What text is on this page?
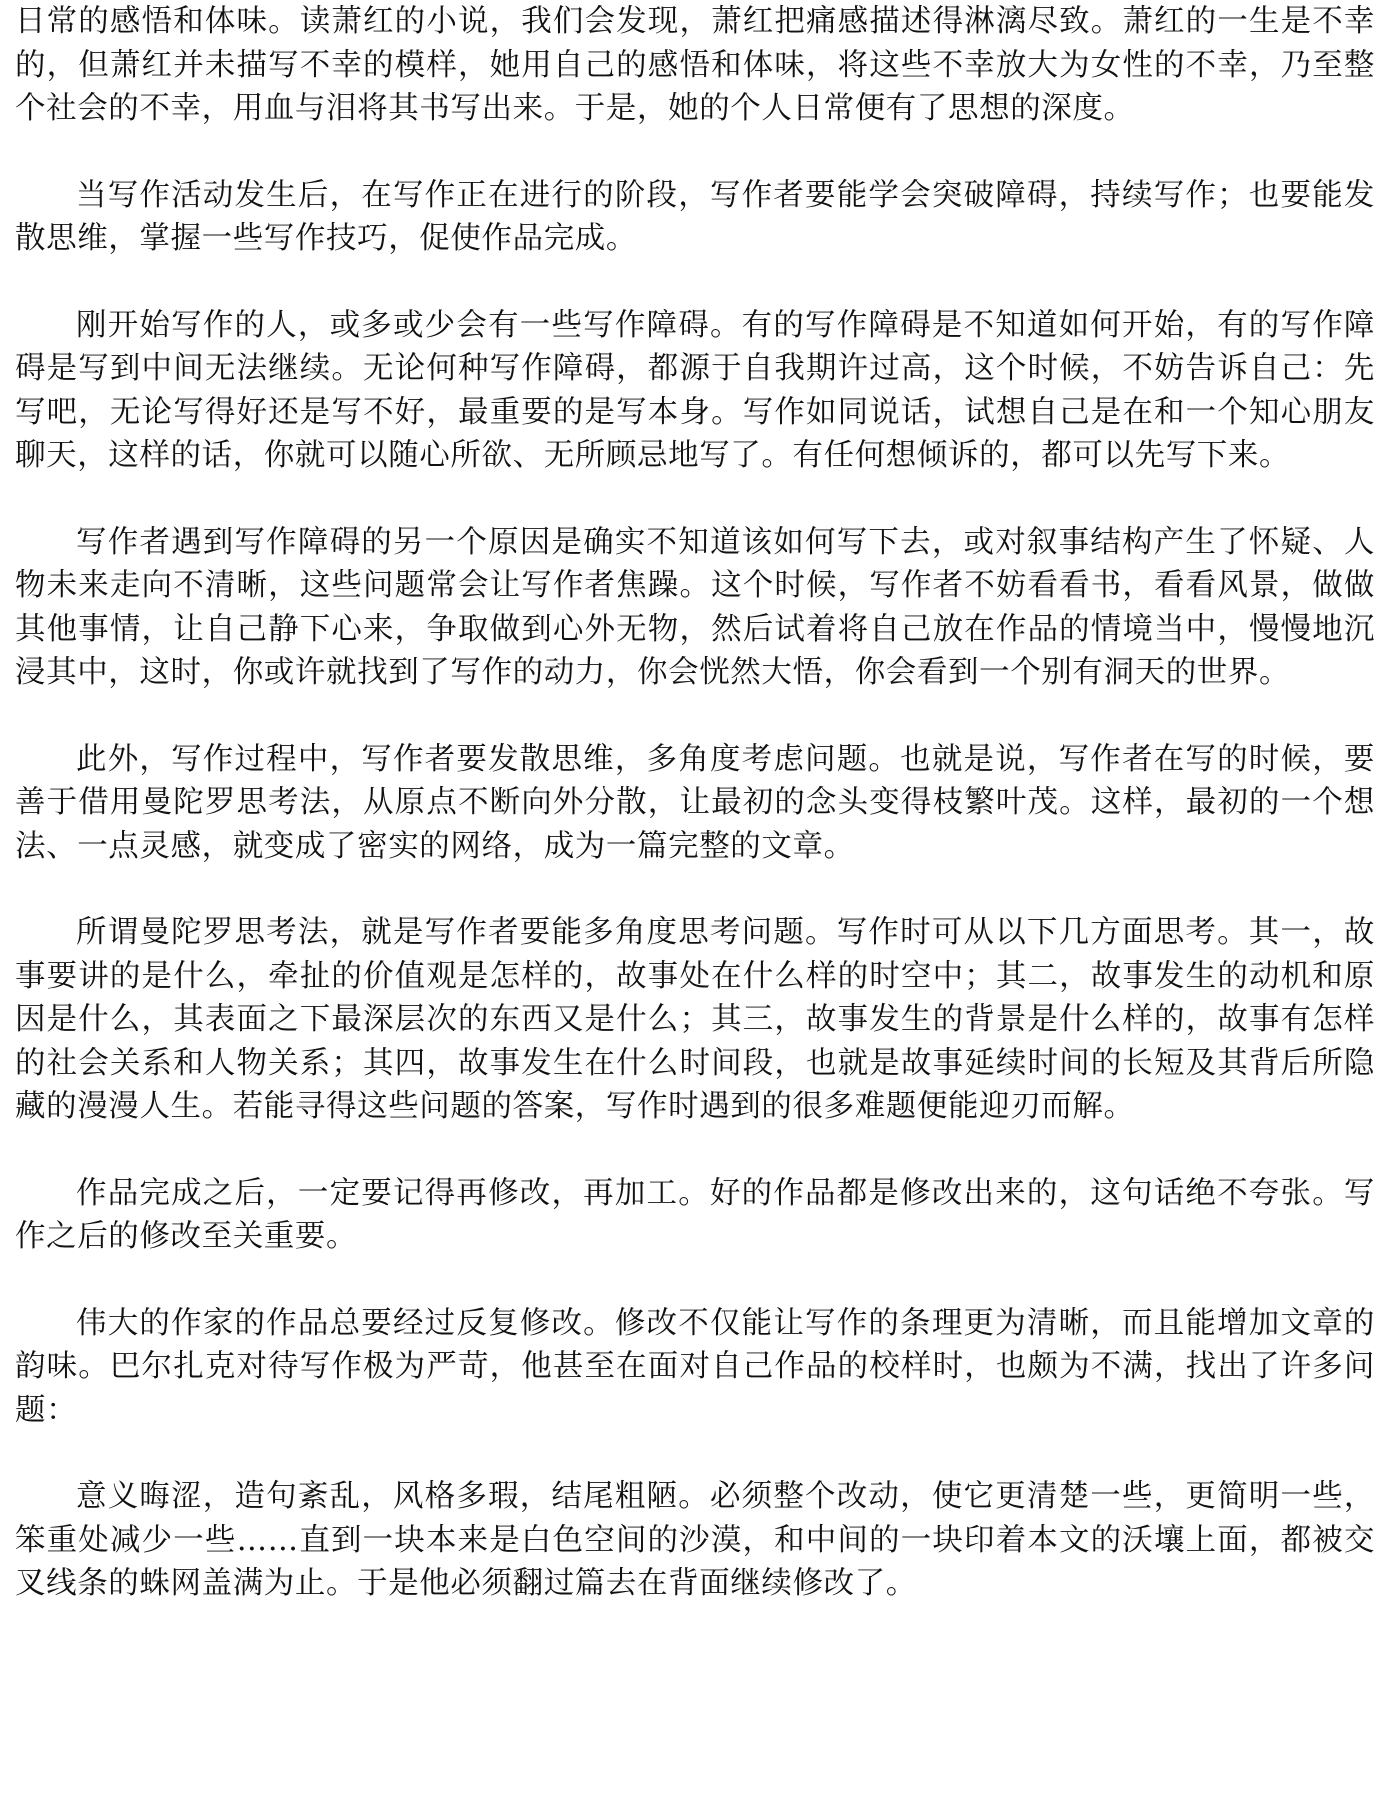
日常的感悟和体味。读萧红的小说，我们会发现，萧红把痛感描述得淋漓尽致。萧红的一生是不幸的，但萧红并未描写不幸的模样，她用自己的感悟和体味，将这些不幸放大为女性的不幸，乃至整个社会的不幸，用血与泪将其书写出来。于是，她的个人日常便有了思想的深度。

当写作活动发生后，在写作正在进行的阶段，写作者要能学会突破障碍，持续写作；也要能发散思维，掌握一些写作技巧，促使作品完成。

刚开始写作的人，或多或少会有一些写作障碍。有的写作障碍是不知道如何开始，有的写作障碍是写到中间无法继续。无论何种写作障碍，都源于自我期许过高，这个时候，不妨告诉自己：先写吧，无论写得好还是写不好，最重要的是写本身。写作如同说话，试想自己是在和一个知心朋友聊天，这样的话，你就可以随心所欲、无所顾忌地写了。有任何想倾诉的，都可以先写下来。

写作者遇到写作障碍的另一个原因是确实不知道该如何写下去，或对叙事结构产生了怀疑、人物未来走向不清晰，这些问题常会让写作者焦躁。这个时候，写作者不妨看看书，看看风景，做做其他事情，让自己静下心来，争取做到心外无物，然后试着将自己放在作品的情境当中，慢慢地沉浸其中，这时，你或许就找到了写作的动力，你会恍然大悟，你会看到一个别有洞天的世界。

此外，写作过程中，写作者要发散思维，多角度考虑问题。也就是说，写作者在写的时候，要善于借用曼陀罗思考法，从原点不断向外分散，让最初的念头变得枝繁叶茂。这样，最初的一个想法、一点灵感，就变成了密实的网络，成为一篇完整的文章。

所谓曼陀罗思考法，就是写作者要能多角度思考问题。写作时可从以下几方面思考。其一，故事要讲的是什么，牵扯的价值观是怎样的，故事处在什么样的时空中；其二，故事发生的动机和原因是什么，其表面之下最深层次的东西又是什么；其三，故事发生的背景是什么样的，故事有怎样的社会关系和人物关系；其四，故事发生在什么时间段，也就是故事延续时间的长短及其背后所隐藏的漫漫人生。若能寻得这些问题的答案，写作时遇到的很多难题便能迎刃而解。

作品完成之后，一定要记得再修改，再加工。好的作品都是修改出来的，这句话绝不夸张。写作之后的修改至关重要。

伟大的作家的作品总要经过反复修改。修改不仅能让写作的条理更为清晰，而且能增加文章的韵味。巴尔扎克对待写作极为严苛，他甚至在面对自己作品的校样时，也颇为不满，找出了许多问题：

意义晦涩，造句紊乱，风格多瑕，结尾粗陋。必须整个改动，使它更清楚一些，更简明一些，笨重处减少一些……直到一块本来是白色空间的沙漠，和中间的一块印着本文的沃壤上面，都被交叉线条的蛛网盖满为止。于是他必须翻过篇去在背面继续修改了。
